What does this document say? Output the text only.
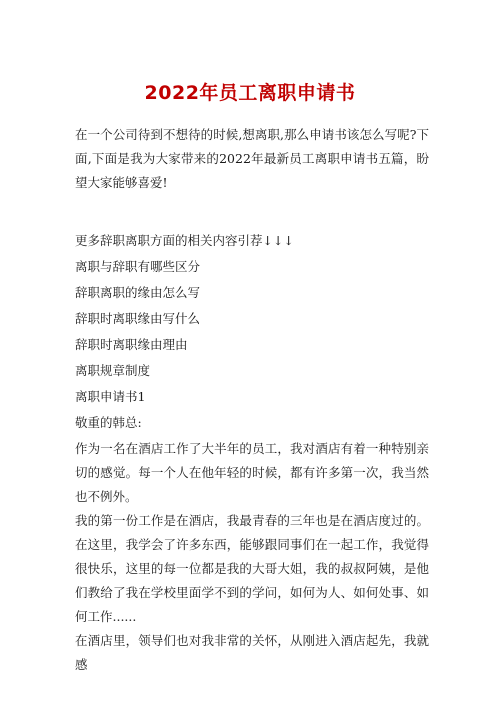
2022年员工离职申请书

在一个公司待到不想待的时候,想离职,那么申请书该怎么写呢?下面,下面是我为大家带来的2022年最新员工离职申请书五篇，盼望大家能够喜爱!

更多辞职离职方面的相关内容引荐↓↓↓
离职与辞职有哪些区分
辞职离职的缘由怎么写
辞职时离职缘由写什么
辞职时离职缘由理由
离职规章制度
离职申请书1
敬重的韩总:

作为一名在酒店工作了大半年的员工，我对酒店有着一种特别亲切的感觉。每一个人在他年轻的时候，都有许多第一次，我当然也不例外。

我的第一份工作是在酒店，我最青春的三年也是在酒店度过的。在这里，我学会了许多东西，能够跟同事们在一起工作，我觉得很快乐，这里的每一位都是我的大哥大姐，我的叔叔阿姨，是他们教给了我在学校里面学不到的学问，如何为人、如何处事、如何工作......

在酒店里，领导们也对我非常的关怀，从刚进入酒店起先，我就感
